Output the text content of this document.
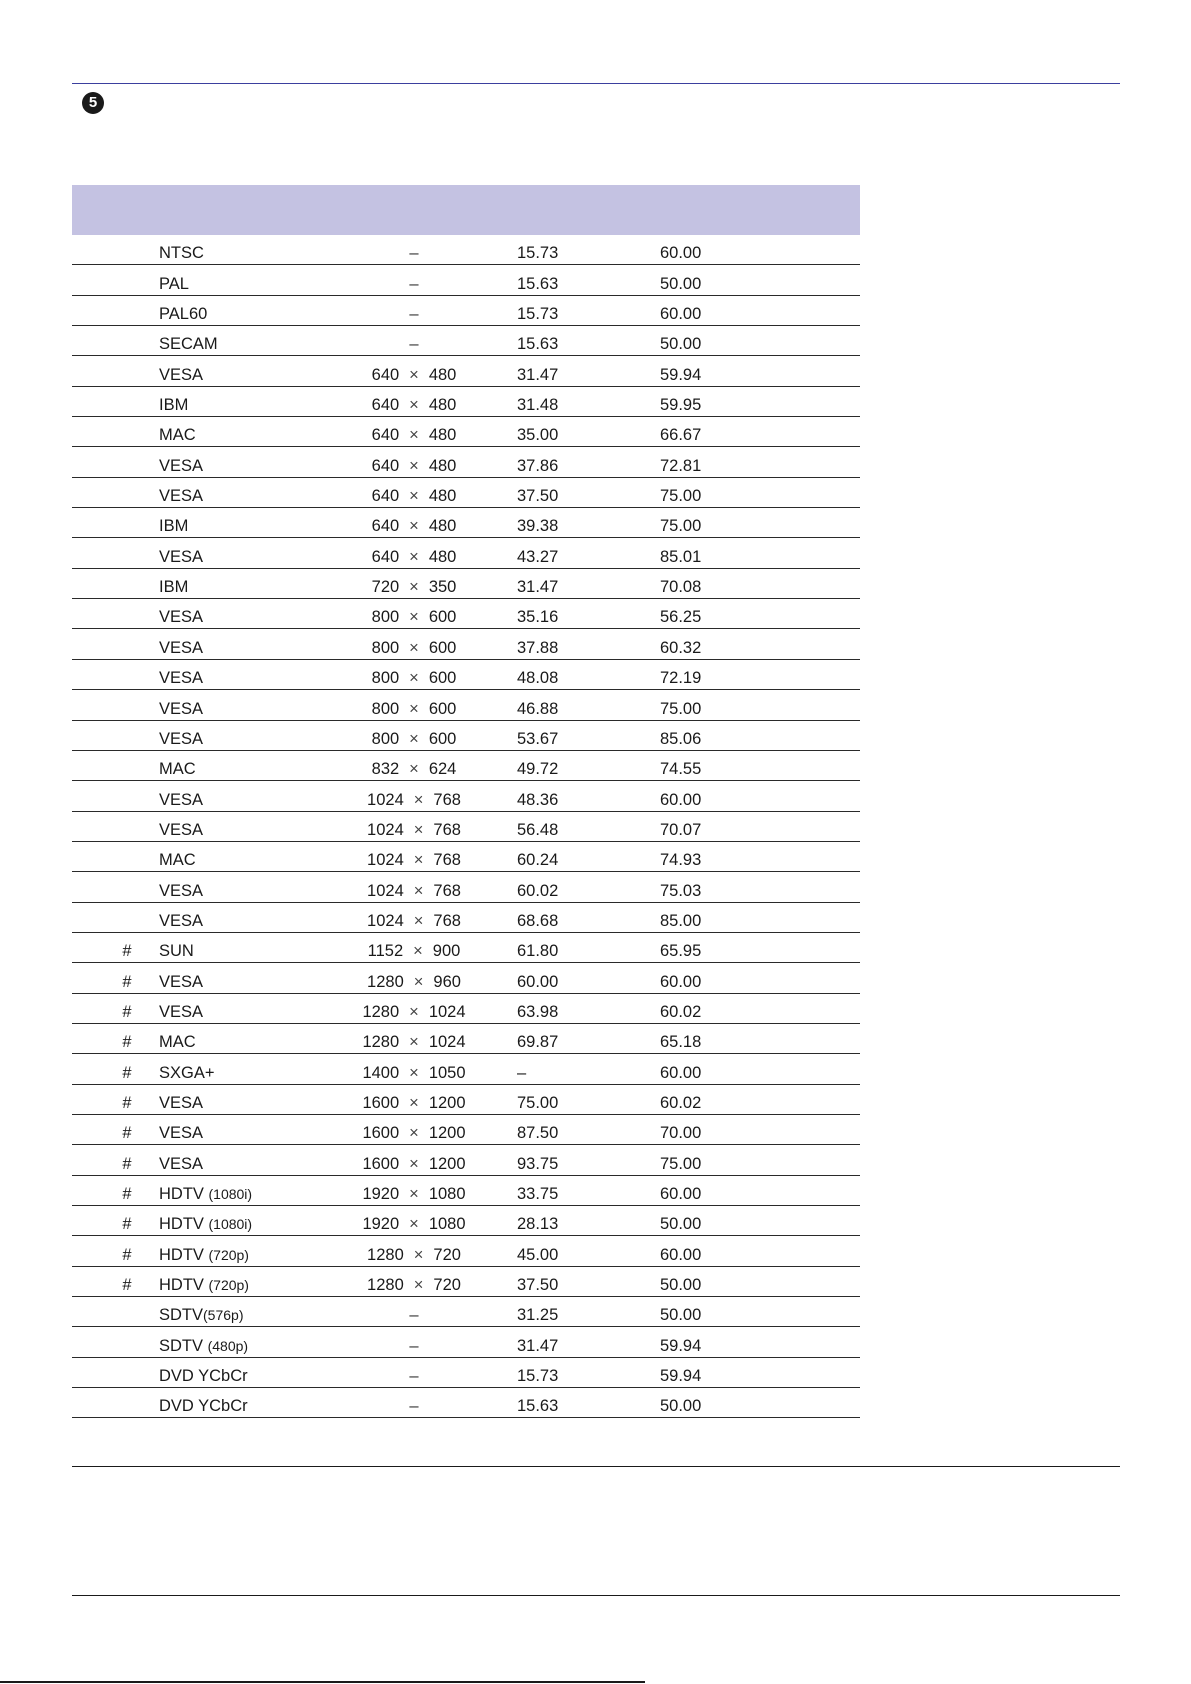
5
NTSC	–	15.73	60.00
PAL	–	15.63	50.00
PAL60	–	15.73	60.00
SECAM	–	15.63	50.00
VESA	640 × 480	31.47	59.94
IBM	640 × 480	31.48	59.95
MAC	640 × 480	35.00	66.67
VESA	640 × 480	37.86	72.81
VESA	640 × 480	37.50	75.00
IBM	640 × 480	39.38	75.00
VESA	640 × 480	43.27	85.01
IBM	720 × 350	31.47	70.08
VESA	800 × 600	35.16	56.25
VESA	800 × 600	37.88	60.32
VESA	800 × 600	48.08	72.19
VESA	800 × 600	46.88	75.00
VESA	800 × 600	53.67	85.06
MAC	832 × 624	49.72	74.55
VESA	1024 × 768	48.36	60.00
VESA	1024 × 768	56.48	70.07
MAC	1024 × 768	60.24	74.93
VESA	1024 × 768	60.02	75.03
VESA	1024 × 768	68.68	85.00
# SUN	1152 × 900	61.80	65.95
# VESA	1280 × 960	60.00	60.00
# VESA	1280 × 1024	63.98	60.02
# MAC	1280 × 1024	69.87	65.18
# SXGA+	1400 × 1050	–	60.00
# VESA	1600 × 1200	75.00	60.02
# VESA	1600 × 1200	87.50	70.00
# VESA	1600 × 1200	93.75	75.00
# HDTV (1080i)	1920 × 1080	33.75	60.00
# HDTV (1080i)	1920 × 1080	28.13	50.00
# HDTV (720p)	1280 × 720	45.00	60.00
# HDTV (720p)	1280 × 720	37.50	50.00
SDTV(576p)	–	31.25	50.00
SDTV (480p)	–	31.47	59.94
DVD YCbCr	–	15.73	59.94
DVD YCbCr	–	15.63	50.00
